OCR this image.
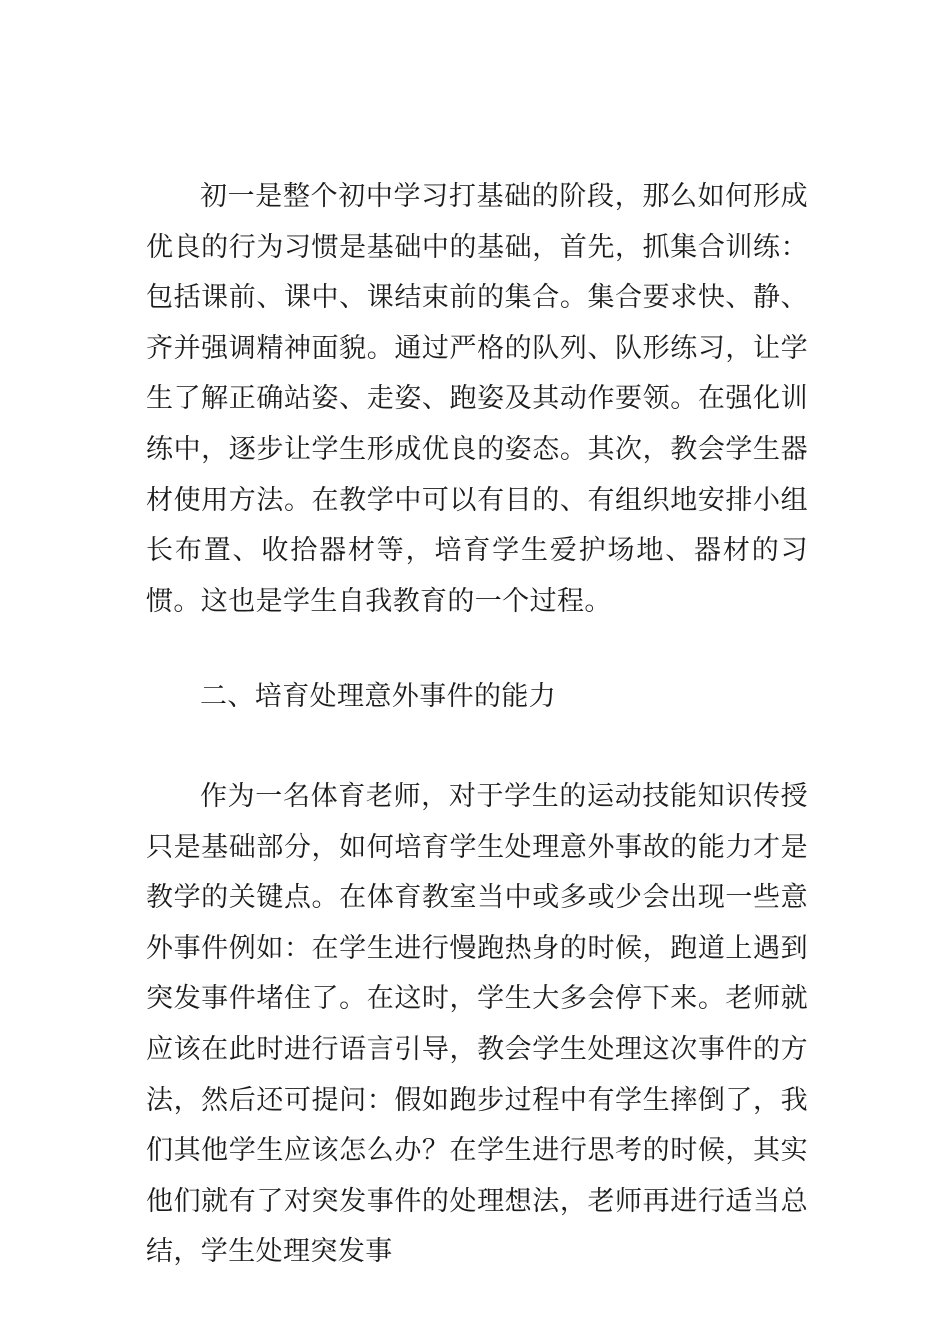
初一是整个初中学习打基础的阶段，那么如何形成优良的行为习惯是基础中的基础，首先，抓集合训练：包括课前、课中、课结束前的集合。集合要求快、静、齐并强调精神面貌。通过严格的队列、队形练习，让学生了解正确站姿、走姿、跑姿及其动作要领。在强化训练中，逐步让学生形成优良的姿态。其次，教会学生器材使用方法。在教学中可以有目的、有组织地安排小组长布置、收拾器材等，培育学生爱护场地、器材的习惯。这也是学生自我教育的一个过程。

二、培育处理意外事件的能力

作为一名体育老师，对于学生的运动技能知识传授只是基础部分，如何培育学生处理意外事故的能力才是教学的关键点。在体育教室当中或多或少会出现一些意外事件例如：在学生进行慢跑热身的时候，跑道上遇到突发事件堵住了。在这时，学生大多会停下来。老师就应该在此时进行语言引导，教会学生处理这次事件的方法，然后还可提问：假如跑步过程中有学生摔倒了，我们其他学生应该怎么办？在学生进行思考的时候，其实他们就有了对突发事件的处理想法，老师再进行适当总结，学生处理突发事
